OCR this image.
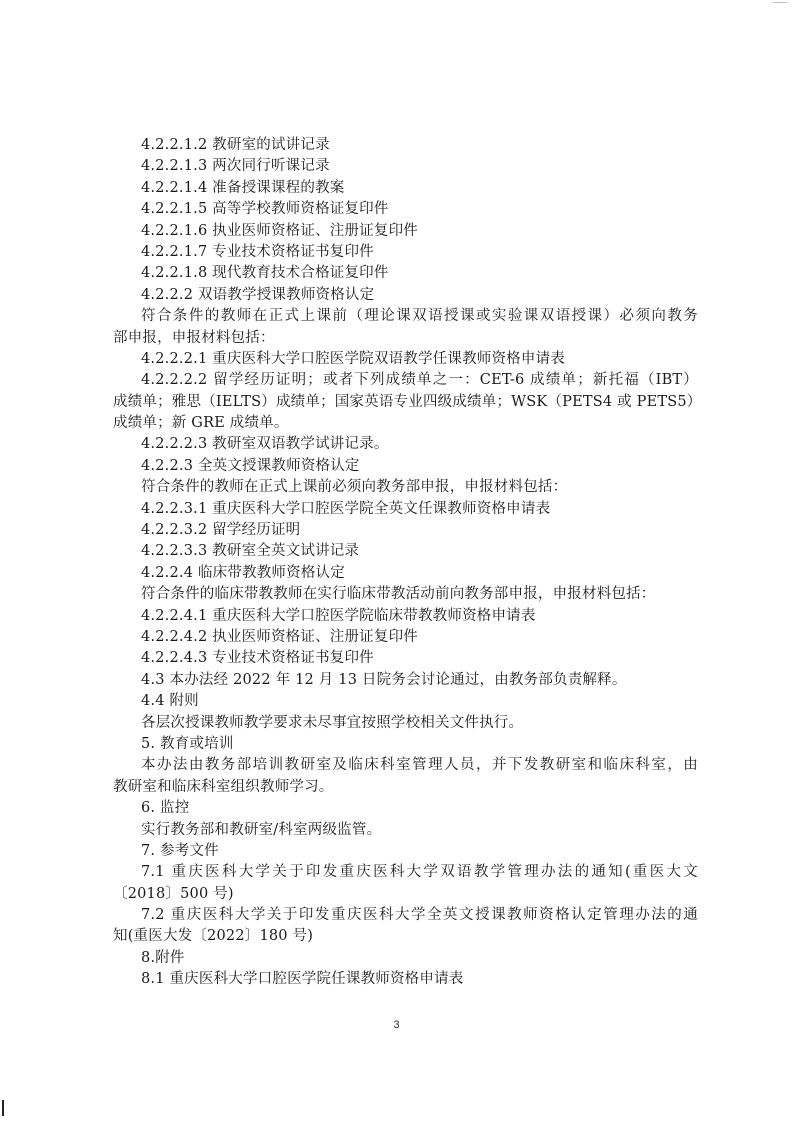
4.2.2.1.2 教研室的试讲记录
4.2.2.1.3 两次同行听课记录
4.2.2.1.4 准备授课课程的教案
4.2.2.1.5 高等学校教师资格证复印件
4.2.2.1.6 执业医师资格证、注册证复印件
4.2.2.1.7 专业技术资格证书复印件
4.2.2.1.8 现代教育技术合格证复印件
4.2.2.2 双语教学授课教师资格认定
符合条件的教师在正式上课前（理论课双语授课或实验课双语授课）必须向教务
部申报，申报材料包括：
4.2.2.2.1 重庆医科大学口腔医学院双语教学任课教师资格申请表
4.2.2.2.2 留学经历证明；或者下列成绩单之一：CET-6 成绩单；新托福（IBT）
成绩单；雅思（IELTS）成绩单；国家英语专业四级成绩单；WSK（PETS4 或 PETS5）
成绩单；新 GRE 成绩单。
4.2.2.2.3 教研室双语教学试讲记录。
4.2.2.3 全英文授课教师资格认定
符合条件的教师在正式上课前必须向教务部申报，申报材料包括：
4.2.2.3.1 重庆医科大学口腔医学院全英文任课教师资格申请表
4.2.2.3.2 留学经历证明
4.2.2.3.3 教研室全英文试讲记录
4.2.2.4 临床带教教师资格认定
符合条件的临床带教教师在实行临床带教活动前向教务部申报，申报材料包括：
4.2.2.4.1 重庆医科大学口腔医学院临床带教教师资格申请表
4.2.2.4.2 执业医师资格证、注册证复印件
4.2.2.4.3 专业技术资格证书复印件
4.3 本办法经 2022 年 12 月 13 日院务会讨论通过，由教务部负责解释。
4.4 附则
各层次授课教师教学要求未尽事宜按照学校相关文件执行。
5. 教育或培训
本办法由教务部培训教研室及临床科室管理人员，并下发教研室和临床科室，由
教研室和临床科室组织教师学习。
6. 监控
实行教务部和教研室/科室两级监管。
7. 参考文件
7.1 重庆医科大学关于印发重庆医科大学双语教学管理办法的通知(重医大文
〔2018〕500 号)
7.2 重庆医科大学关于印发重庆医科大学全英文授课教师资格认定管理办法的通
知(重医大发〔2022〕180 号)
8.附件
8.1 重庆医科大学口腔医学院任课教师资格申请表
3
